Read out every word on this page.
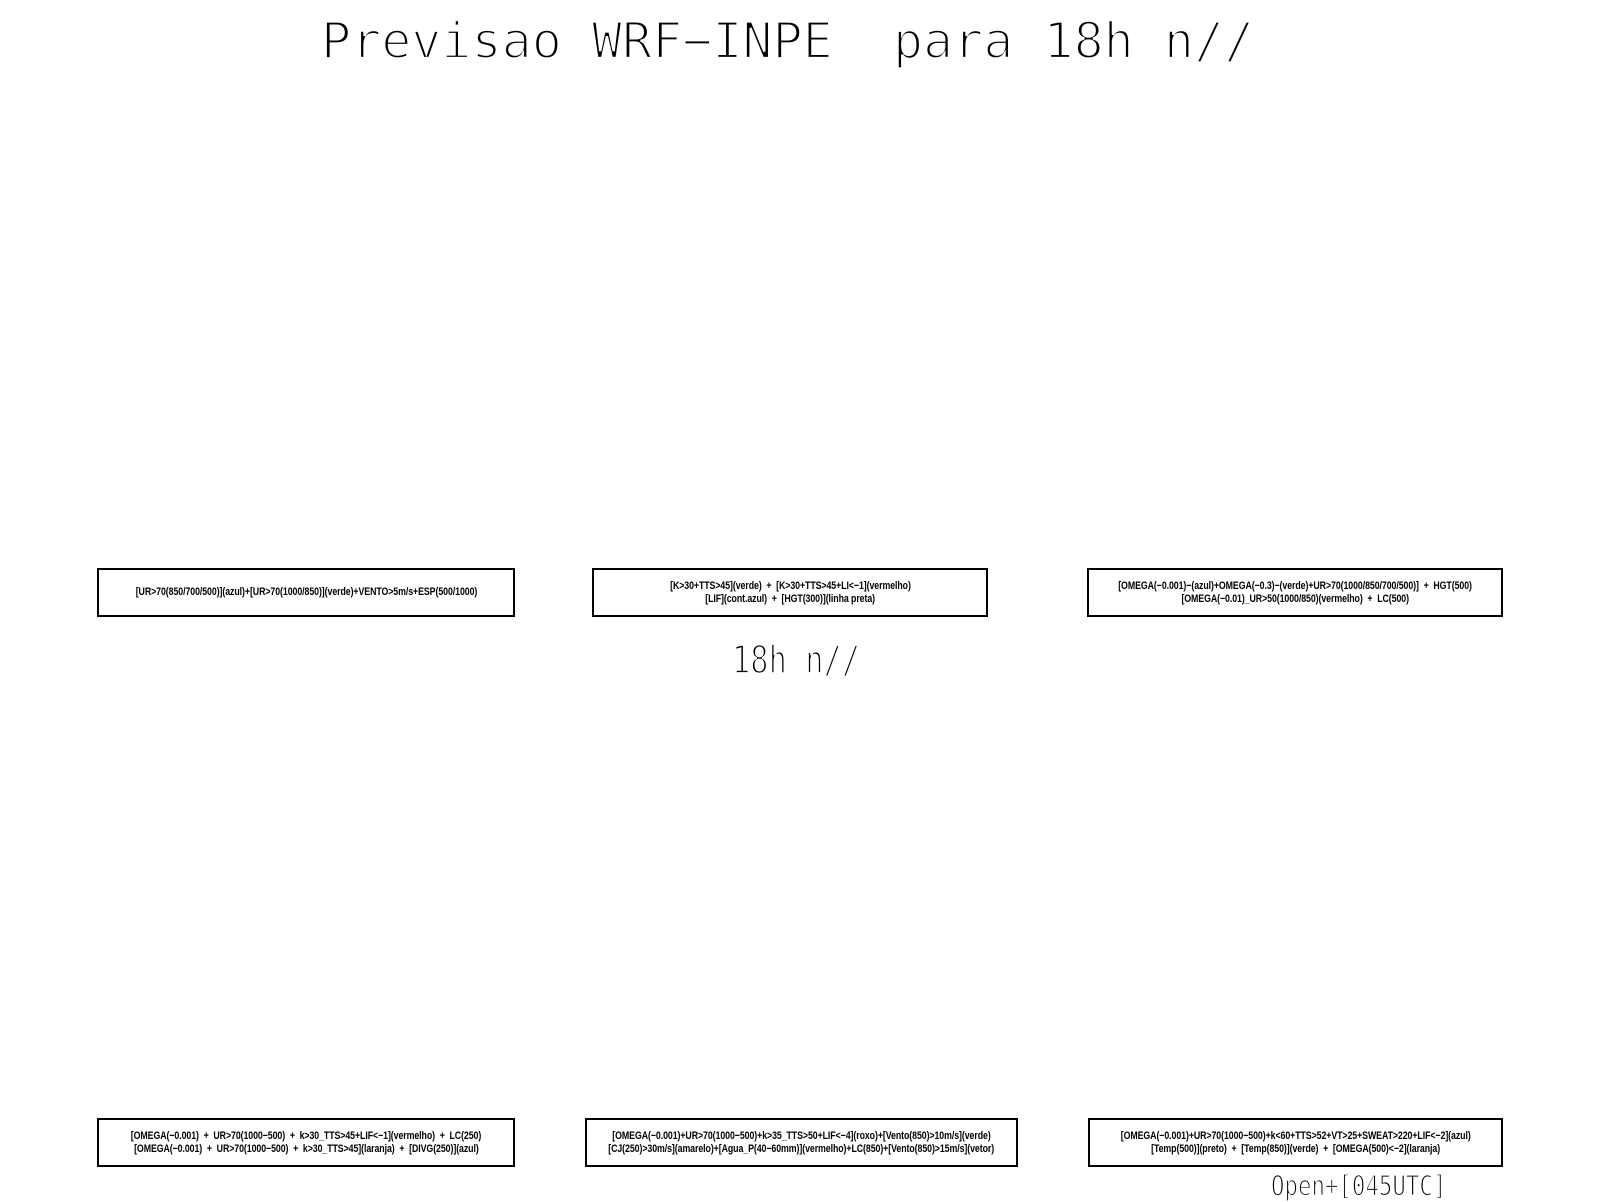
Previsao WRF−INPE  para 18h n//
[UR>70(850/700/500)](azul)+[UR>70(1000/850)](verde)+VENTO>5m/s+ESP(500/1000)
[K>30+TTS>45](verde)  +  [K>30+TTS>45+LI<−1](vermelho)
[LIF](cont.azul)  +  [HGT(300)](linha preta)
[OMEGA(−0.001)−(azul)+OMEGA(−0.3)−(verde)+UR>70(1000/850/700/500)]  +  HGT(500)
[OMEGA(−0.01)_UR>50(1000/850)(vermelho)  +  LC(500)
18h n//
[OMEGA(−0.001)  +  UR>70(1000−500)  +  k>30_TTS>45+LIF<−1](vermelho)  +  LC(250)
[OMEGA(−0.001)  +  UR>70(1000−500)  +  k>30_TTS>45](laranja)  +  [DIVG(250)](azul)
[OMEGA(−0.001)+UR>70(1000−500)+k>35_TTS>50+LIF<−4](roxo)+[Vento(850)>10m/s](verde)
[CJ(250)>30m/s](amarelo)+[Agua_P(40−60mm)](vermelho)+LC(850)+[Vento(850)>15m/s](vetor)
[OMEGA(−0.001)+UR>70(1000−500)+k<60+TTS>52+VT>25+SWEAT>220+LIF<−2](azul)
[Temp(500)](preto)  +  [Temp(850)](verde)  +  [OMEGA(500)<−2](laranja)
Open+[045UTC]
